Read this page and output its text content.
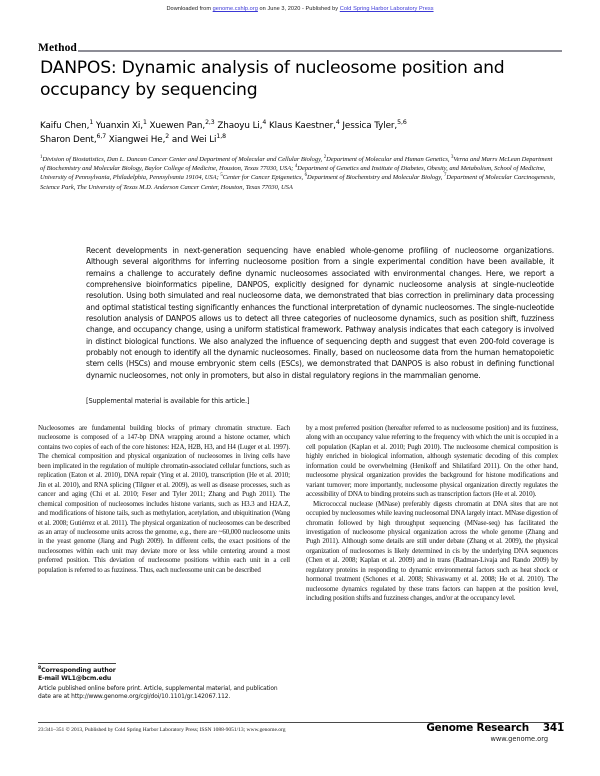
Downloaded from genome.cshlp.org on June 3, 2020 - Published by Cold Spring Harbor Laboratory Press
Method
DANPOS: Dynamic analysis of nucleosome position and occupancy by sequencing
Kaifu Chen,$^1$ Yuanxin Xi,$^1$ Xuewen Pan,$^{2,3}$ Zhaoyu Li,$^4$ Klaus Kaestner,$^4$ Jessica Tyler,$^{5,6}$
Sharon Dent,$^{6,7}$ Xiangwei He,$^2$ and Wei Li$^{1,8}$
$^1$Division of Biostatistics, Dan L. Duncan Cancer Center and Department of Molecular and Cellular Biology, $^2$Department of Molecular and Human Genetics, $^3$Verna and Marrs McLean Department of Biochemistry and Molecular Biology, Baylor College of Medicine, Houston, Texas 77030, USA; $^4$Department of Genetics and Institute of Diabetes, Obesity, and Metabolism, School of Medicine, University of Pennsylvania, Philadelphia, Pennsylvania 19104, USA; $^5$Center for Cancer Epigenetics, $^6$Department of Biochemistry and Molecular Biology, $^7$Department of Molecular Carcinogenesis, Science Park, The University of Texas M.D. Anderson Cancer Center, Houston, Texas 77030, USA
Recent developments in next-generation sequencing have enabled whole-genome profiling of nucleosome organizations. Although several algorithms for inferring nucleosome position from a single experimental condition have been available, it remains a challenge to accurately define dynamic nucleosomes associated with environmental changes. Here, we report a comprehensive bioinformatics pipeline, DANPOS, explicitly designed for dynamic nucleosome analysis at single-nucleotide resolution. Using both simulated and real nucleosome data, we demonstrated that bias correction in preliminary data processing and optimal statistical testing significantly enhances the functional interpretation of dynamic nucleosomes. The single-nucleotide resolution analysis of DANPOS allows us to detect all three categories of nucleosome dynamics, such as position shift, fuzziness change, and occupancy change, using a uniform statistical framework. Pathway analysis indicates that each category is involved in distinct biological functions. We also analyzed the influence of sequencing depth and suggest that even 200-fold coverage is probably not enough to identify all the dynamic nucleosomes. Finally, based on nucleosome data from the human hematopoietic stem cells (HSCs) and mouse embryonic stem cells (ESCs), we demonstrated that DANPOS is also robust in defining functional dynamic nucleosomes, not only in promoters, but also in distal regulatory regions in the mammalian genome.
[Supplemental material is available for this article.]

Nucleosomes are fundamental building blocks of primary chromatin structure. Each nucleosome is composed of a 147-bp DNA wrapping around a histone octamer, which contains two copies of each of the core histones: H2A, H2B, H3, and H4 (Luger et al. 1997). The chemical composition and physical organization of nucleosomes in living cells have been implicated in the regulation of multiple chromatin-associated cellular functions, such as replication (Eaton et al. 2010), DNA repair (Ying et al. 2010), transcription (He et al. 2010; Jin et al. 2010), and RNA splicing (Tilgner et al. 2009), as well as disease processes, such as cancer and aging (Chi et al. 2010; Feser and Tyler 2011; Zhang and Pugh 2011). The chemical composition of nucleosomes includes histone variants, such as H3.3 and H2A.Z, and modifications of histone tails, such as methylation, acetylation, and ubiquitination (Wang et al. 2008; Gutiérrez et al. 2011). The physical organization of nucleosomes can be described as an array of nucleosome units across the genome, e.g., there are ~60,000 nucleosome units in the yeast genome (Jiang and Pugh 2009). In different cells, the exact positions of the nucleosomes within each unit may deviate more or less while centering around a most preferred position. This deviation of nucleosome positions within each unit in a cell population is referred to as fuzziness. Thus, each nucleosome unit can be described

by a most preferred position (hereafter referred to as nucleosome position) and its fuzziness, along with an occupancy value referring to the frequency with which the unit is occupied in a cell population (Kaplan et al. 2010; Pugh 2010). The nucleosome chemical composition is highly enriched in biological information, although systematic decoding of this complex information could be overwhelming (Henikoff and Shilatifard 2011). On the other hand, nucleosome physical organization provides the background for histone modifications and variant turnover; more importantly, nucleosome physical organization directly regulates the accessibility of DNA to binding proteins such as transcription factors (He et al. 2010).

Micrococcal nuclease (MNase) preferably digests chromatin at DNA sites that are not occupied by nucleosomes while leaving nucleosomal DNA largely intact. MNase digestion of chromatin followed by high throughput sequencing (MNase-seq) has facilitated the investigation of nucleosome physical organization across the whole genome (Zhang and Pugh 2011). Although some details are still under debate (Zhang et al. 2009), the physical organization of nucleosomes is likely determined in cis by the underlying DNA sequences (Chen et al. 2008; Kaplan et al. 2009) and in trans (Radman-Livaja and Rando 2009) by regulatory proteins in responding to dynamic environmental factors such as heat shock or hormonal treatment (Schones et al. 2008; Shivaswamy et al. 2008; He et al. 2010). The nucleosome dynamics regulated by these trans factors can happen at the position level, including position shifts and fuzziness changes, and/or at the occupancy level.

$^8$Corresponding author
E-mail WL1@bcm.edu
Article published online before print. Article, supplemental material, and publication date are at http://www.genome.org/cgi/doi/10.1101/gr.142067.112.
23:341–351 © 2013, Published by Cold Spring Harbor Laboratory Press; ISSN 1088-9051/13; www.genome.org	Genome Research 341
www.genome.org
